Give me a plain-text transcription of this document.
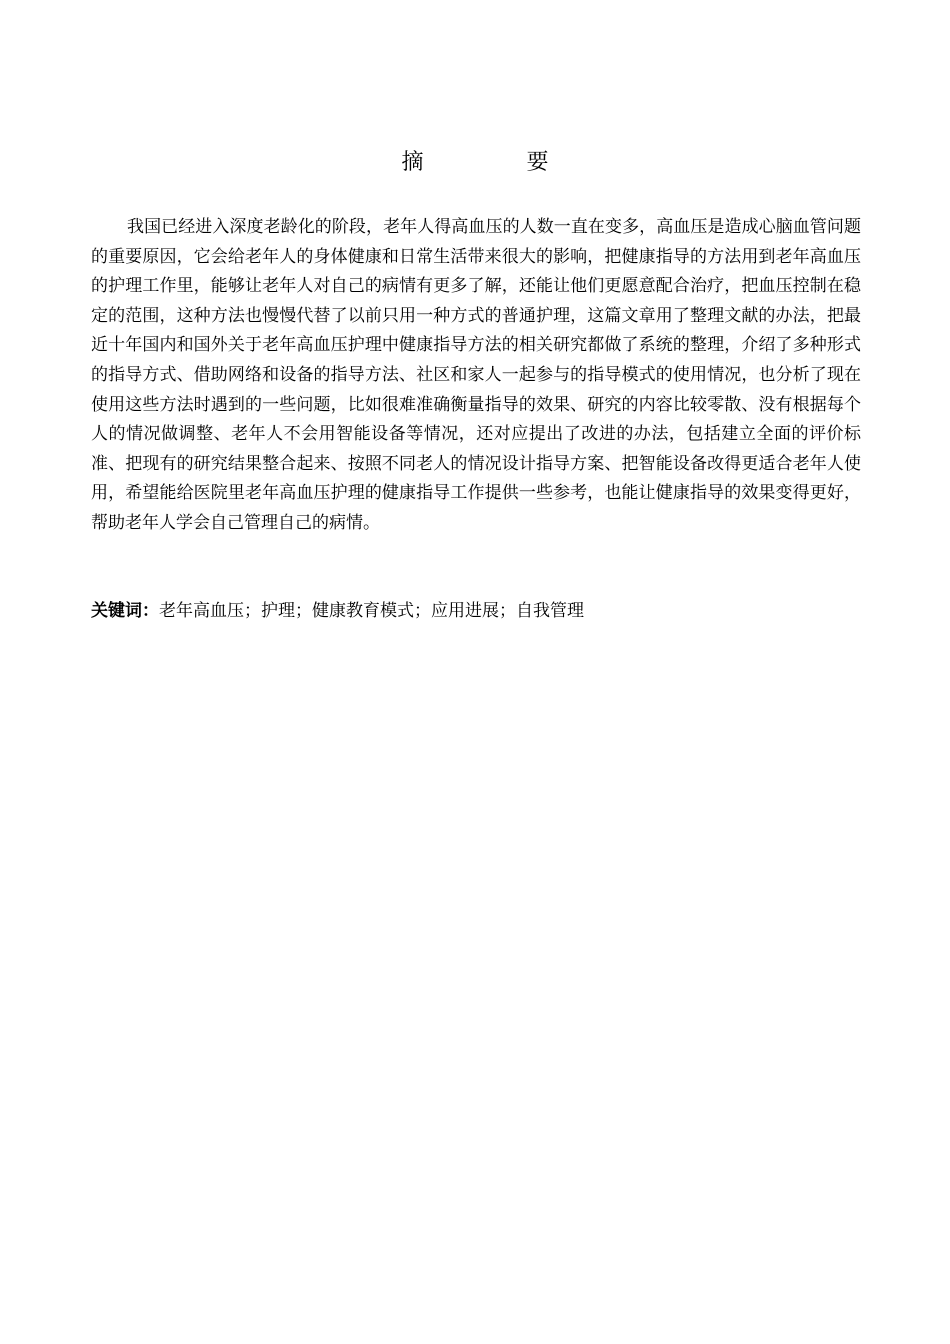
摘 要

我国已经进入深度老龄化的阶段，老年人得高血压的人数一直在变多，高血压是造成心脑血管问题的重要原因，它会给老年人的身体健康和日常生活带来很大的影响，把健康指导的方法用到老年高血压的护理工作里，能够让老年人对自己的病情有更多了解，还能让他们更愿意配合治疗，把血压控制在稳定的范围，这种方法也慢慢代替了以前只用一种方式的普通护理，这篇文章用了整理文献的办法，把最近十年国内和国外关于老年高血压护理中健康指导方法的相关研究都做了系统的整理，介绍了多种形式的指导方式、借助网络和设备的指导方法、社区和家人一起参与的指导模式的使用情况，也分析了现在使用这些方法时遇到的一些问题，比如很难准确衡量指导的效果、研究的内容比较零散、没有根据每个人的情况做调整、老年人不会用智能设备等情况，还对应提出了改进的办法，包括建立全面的评价标准、把现有的研究结果整合起来、按照不同老人的情况设计指导方案、把智能设备改得更适合老年人使用，希望能给医院里老年高血压护理的健康指导工作提供一些参考，也能让健康指导的效果变得更好，帮助老年人学会自己管理自己的病情。

关键词：老年高血压；护理；健康教育模式；应用进展；自我管理
